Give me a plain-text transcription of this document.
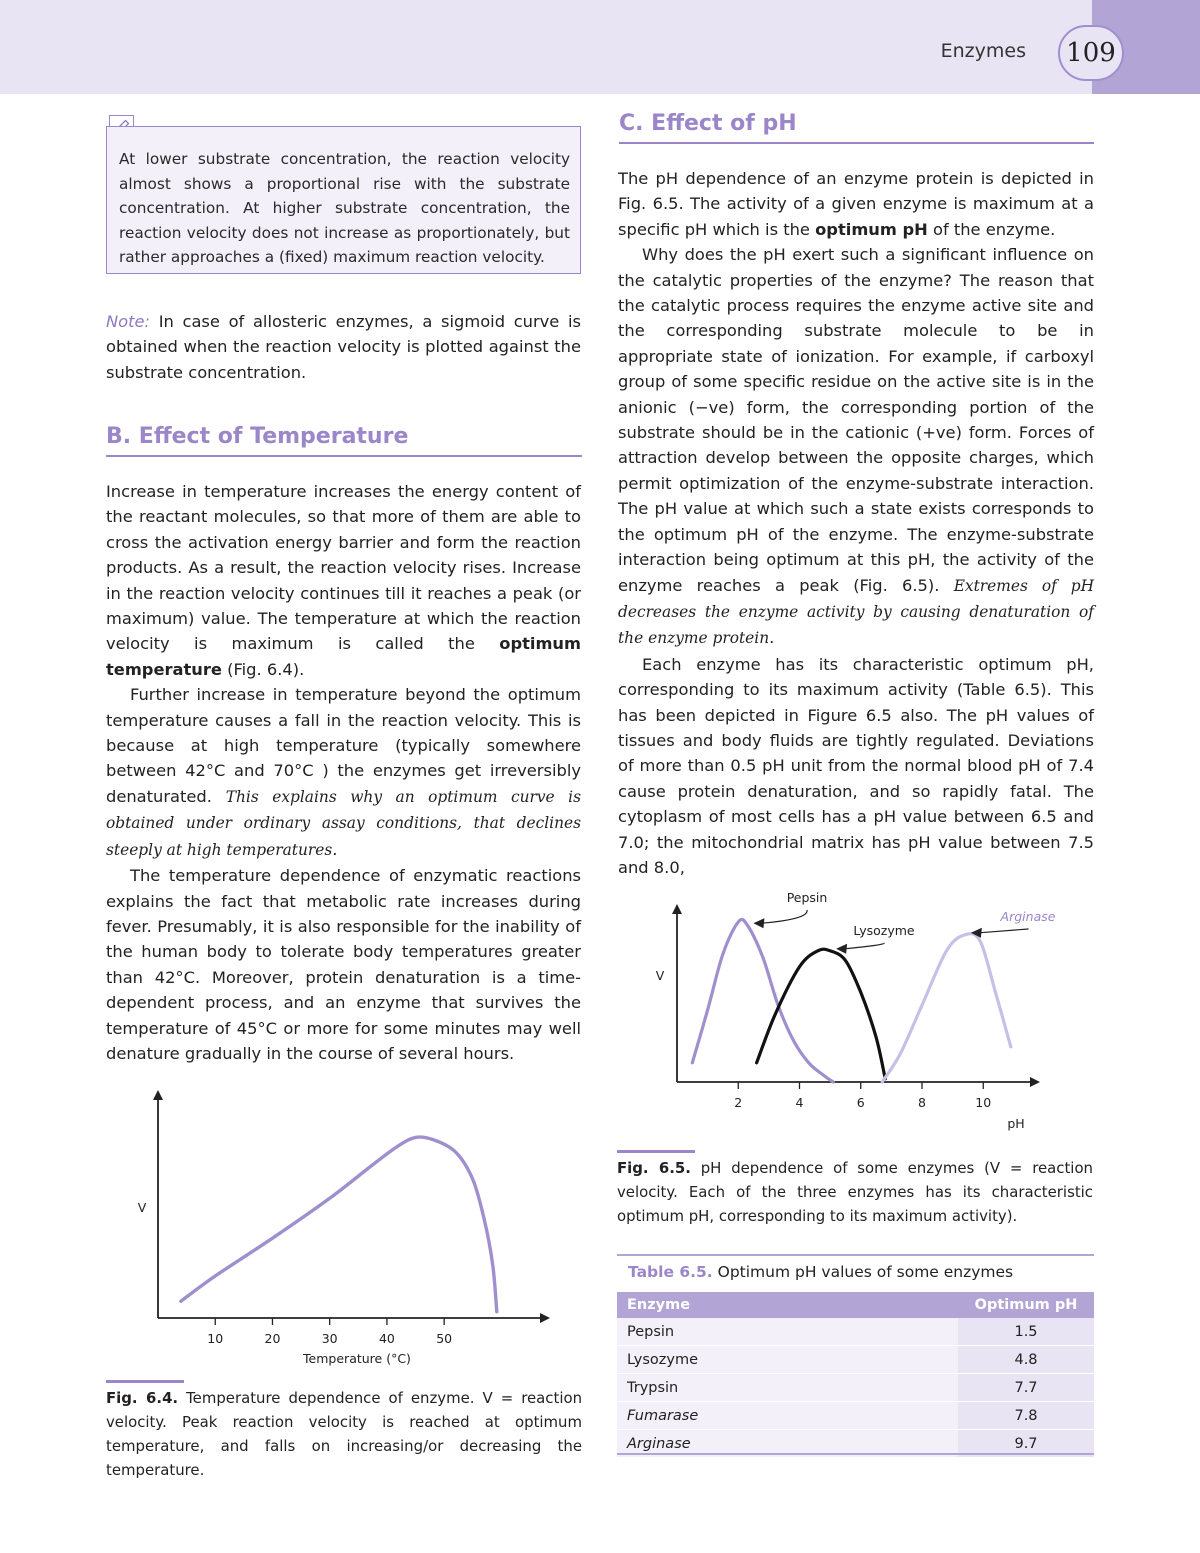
Enzymes	109

At lower substrate concentration, the reaction velocity almost shows a proportional rise with the substrate concentration. At higher substrate concentration, the reaction velocity does not increase as proportionately, but rather approaches a (fixed) maximum reaction velocity.

Note: In case of allosteric enzymes, a sigmoid curve is obtained when the reaction velocity is plotted against the substrate concentration.

B. Effect of Temperature

Increase in temperature increases the energy content of the reactant molecules, so that more of them are able to cross the activation energy barrier and form the reaction products. As a result, the reaction velocity rises. Increase in the reaction velocity continues till it reaches a peak (or maximum) value. The temperature at which the reaction velocity is maximum is called the optimum temperature (Fig. 6.4).

Further increase in temperature beyond the optimum temperature causes a fall in the reaction velocity. This is because at high temperature (typically somewhere between 42°C and 70°C ) the enzymes get irreversibly denaturated. This explains why an optimum curve is obtained under ordinary assay conditions, that declines steeply at high temperatures.

The temperature dependence of enzymatic reactions explains the fact that metabolic rate increases during fever. Presumably, it is also responsible for the inability of the human body to tolerate body temperatures greater than 42°C. Moreover, protein denaturation is a time-dependent process, and an enzyme that survives the temperature of 45°C or more for some minutes may well denature gradually in the course of several hours.

10	20	30	40	50
V
Temperature (°C)

Fig. 6.4. Temperature dependence of enzyme. V = reaction velocity. Peak reaction velocity is reached at optimum temperature, and falls on increasing/or decreasing the temperature.

C. Effect of pH

The pH dependence of an enzyme protein is depicted in Fig. 6.5. The activity of a given enzyme is maximum at a specific pH which is the optimum pH of the enzyme.

Why does the pH exert such a significant influence on the catalytic properties of the enzyme? The reason that the catalytic process requires the enzyme active site and the corresponding substrate molecule to be in appropriate state of ionization. For example, if carboxyl group of some specific residue on the active site is in the anionic (−ve) form, the corresponding portion of the substrate should be in the cationic (+ve) form. Forces of attraction develop between the opposite charges, which permit optimization of the enzyme-substrate interaction. The pH value at which such a state exists corresponds to the optimum pH of the enzyme. The enzyme-substrate interaction being optimum at this pH, the activity of the enzyme reaches a peak (Fig. 6.5). Extremes of pH decreases the enzyme activity by causing denaturation of the enzyme protein.

Each enzyme has its characteristic optimum pH, corresponding to its maximum activity (Table 6.5). This has been depicted in Figure 6.5 also. The pH values of tissues and body fluids are tightly regulated. Deviations of more than 0.5 pH unit from the normal blood pH of 7.4 cause protein denaturation, and so rapidly fatal. The cytoplasm of most cells has a pH value between 6.5 and 7.0; the mitochondrial matrix has pH value between 7.5 and 8.0,

2	4	6	8	10
V
pH
Pepsin
Lysozyme
Arginase

Fig. 6.5. pH dependence of some enzymes (V = reaction velocity. Each of the three enzymes has its characteristic optimum pH, corresponding to its maximum activity).

Table 6.5. Optimum pH values of some enzymes
Enzyme	Optimum pH
Pepsin	1.5
Lysozyme	4.8
Trypsin	7.7
Fumarase	7.8
Arginase	9.7
